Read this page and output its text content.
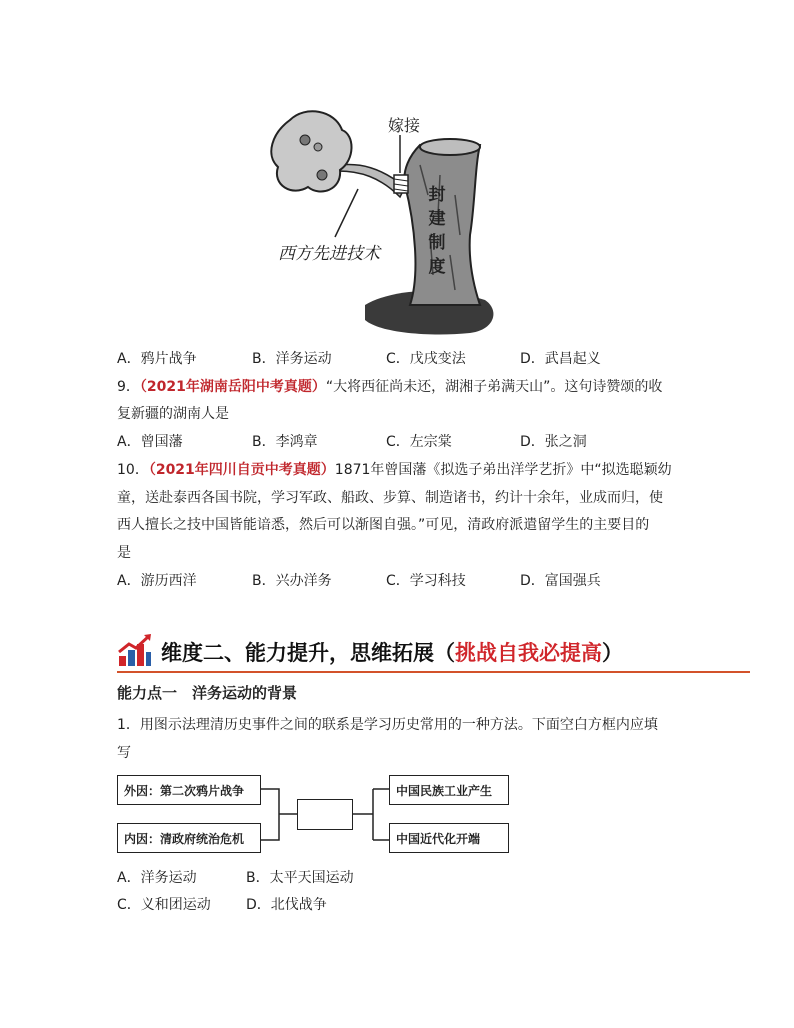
嫁接
西方先进技术
封
建
制
度
A．鸦片战争	B．洋务运动	C．戊戌变法	D．武昌起义
9．（2021年湖南岳阳中考真题）“大将西征尚未还，湖湘子弟满天山”。这句诗赞颂的收
复新疆的湖南人是
A．曾国藩	B．李鸿章	C．左宗棠	D．张之洞
10．（2021年四川自贡中考真题）1871年曾国藩《拟选子弟出洋学艺折》中“拟选聪颖幼
童，送赴泰西各国书院，学习军政、船政、步算、制造诸书，约计十余年，业成而归，使
西人擅长之技中国皆能谙悉，然后可以渐图自强。”可见，清政府派遣留学生的主要目的
是
A．游历西洋	B．兴办洋务	C．学习科技	D．富国强兵
维度二、能力提升，思维拓展（挑战自我必提高）
能力点一　洋务运动的背景
1．用图示法理清历史事件之间的联系是学习历史常用的一种方法。下面空白方框内应填
写
外因：第二次鸦片战争
内因：清政府统治危机
中国民族工业产生
中国近代化开端
A．洋务运动	B．太平天国运动
C．义和团运动	D．北伐战争
